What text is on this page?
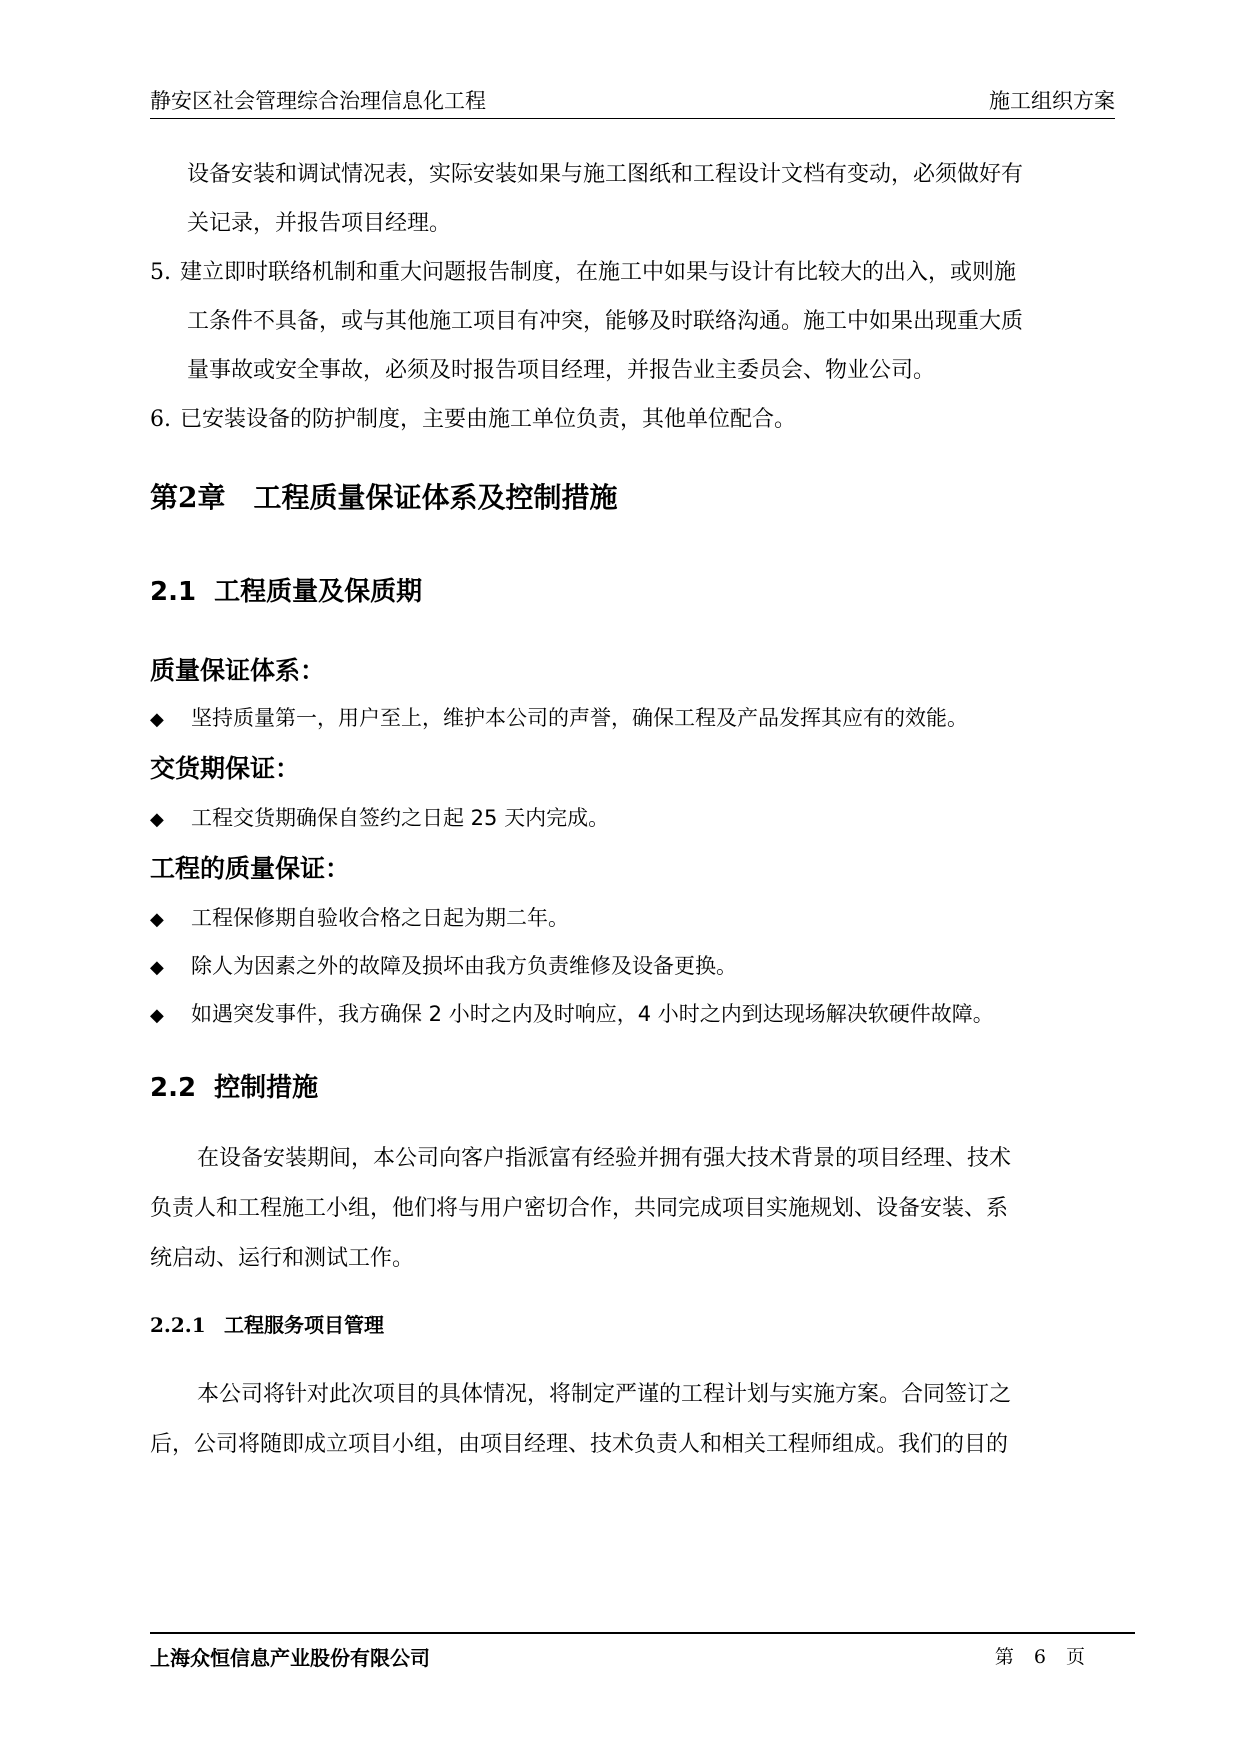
静安区社会管理综合治理信息化工程	施工组织方案
设备安装和调试情况表，实际安装如果与施工图纸和工程设计文档有变动，必须做好有
关记录，并报告项目经理。
5. 建立即时联络机制和重大问题报告制度，在施工中如果与设计有比较大的出入，或则施
工条件不具备，或与其他施工项目有冲突，能够及时联络沟通。施工中如果出现重大质
量事故或安全事故，必须及时报告项目经理，并报告业主委员会、物业公司。
6. 已安装设备的防护制度，主要由施工单位负责，其他单位配合。
第2章 工程质量保证体系及控制措施
2.1 工程质量及保质期
质量保证体系：
◆ 坚持质量第一，用户至上，维护本公司的声誉，确保工程及产品发挥其应有的效能。
交货期保证：
◆ 工程交货期确保自签约之日起 25 天内完成。
工程的质量保证：
◆ 工程保修期自验收合格之日起为期二年。
◆ 除人为因素之外的故障及损坏由我方负责维修及设备更换。
◆ 如遇突发事件，我方确保 2 小时之内及时响应，4 小时之内到达现场解决软硬件故障。
2.2 控制措施
在设备安装期间，本公司向客户指派富有经验并拥有强大技术背景的项目经理、技术
负责人和工程施工小组，他们将与用户密切合作，共同完成项目实施规划、设备安装、系
统启动、运行和测试工作。
2.2.1 工程服务项目管理
本公司将针对此次项目的具体情况，将制定严谨的工程计划与实施方案。合同签订之
后，公司将随即成立项目小组，由项目经理、技术负责人和相关工程师组成。我们的目的
上海众恒信息产业股份有限公司	第 6 页
